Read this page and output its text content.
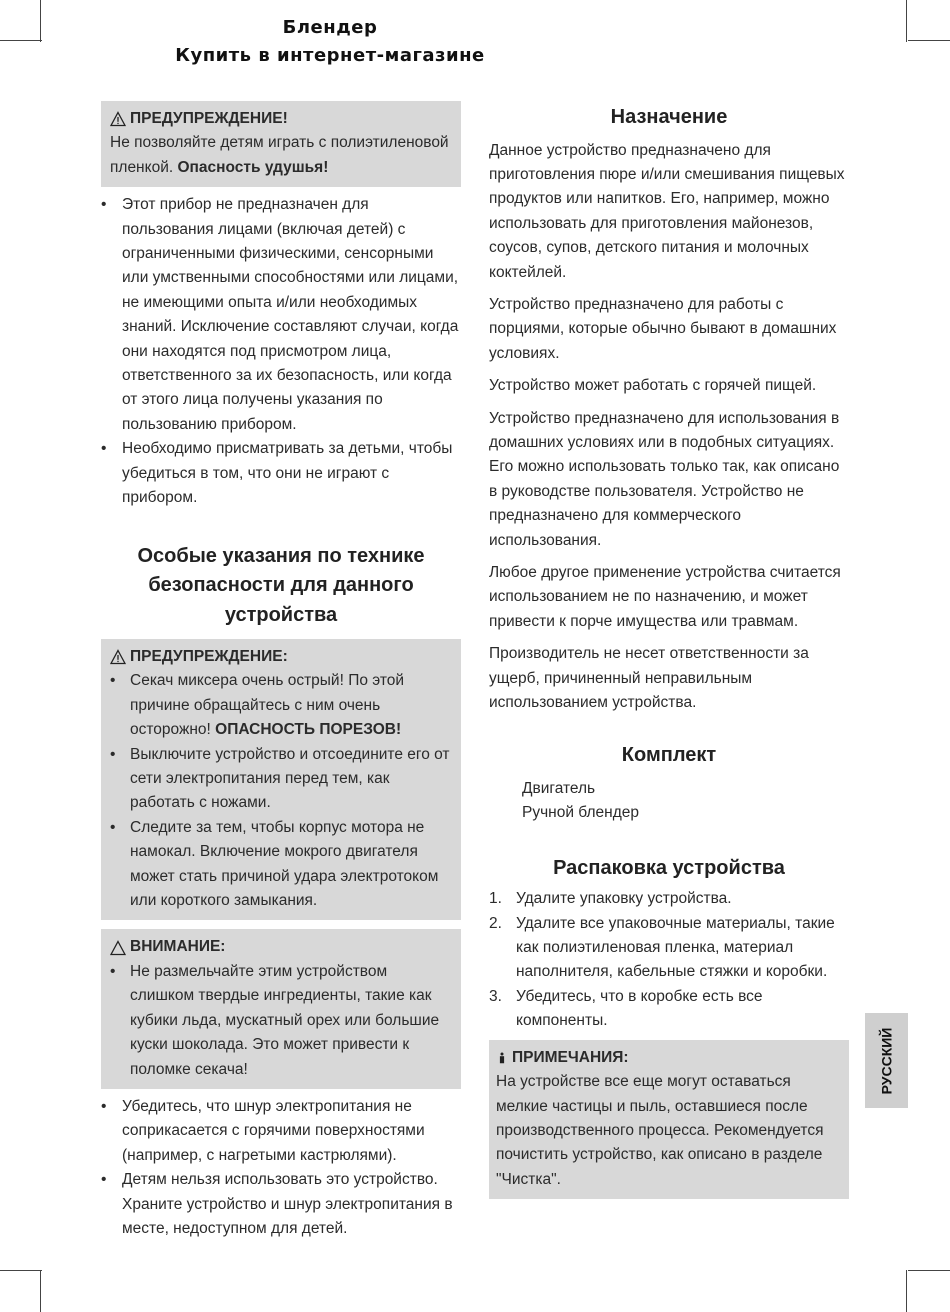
Блендер
Купить в интернет-магазине
ПРЕДУПРЕЖДЕНИЕ!
Не позволяйте детям играть с полиэтиленовой пленкой. Опасность удушья!
• Этот прибор не предназначен для пользования лицами (включая детей) с ограниченными физическими, сенсорными или умственными способностями или лицами, не имеющими опыта и/или необходимых знаний. Исключение составляют случаи, когда они находятся под присмотром лица, ответственного за их безопасность, или когда от этого лица получены указания по пользованию прибором.
• Необходимо присматривать за детьми, чтобы убедиться в том, что они не играют с прибором.
Особые указания по технике безопасности для данного устройства
ПРЕДУПРЕЖДЕНИЕ:
• Секач миксера очень острый! По этой причине обращайтесь с ним очень осторожно! ОПАСНОСТЬ ПОРЕЗОВ!
• Выключите устройство и отсоедините его от сети электропитания перед тем, как работать с ножами.
• Следите за тем, чтобы корпус мотора не намокал. Включение мокрого двигателя может стать причиной удара электротоком или короткого замыкания.
ВНИМАНИЕ:
• Не размельчайте этим устройством слишком твердые ингредиенты, такие как кубики льда, мускатный орех или большие куски шоколада. Это может привести к поломке секача!
• Убедитесь, что шнур электропитания не соприкасается с горячими поверхностями (например, с нагретыми кастрюлями).
• Детям нельзя использовать это устройство. Храните устройство и шнур электропитания в месте, недоступном для детей.
Назначение

Данное устройство предназначено для приготовления пюре и/или смешивания пищевых продуктов или напитков. Его, например, можно использовать для приготовления майонезов, соусов, супов, детского питания и молочных коктейлей.

Устройство предназначено для работы с порциями, которые обычно бывают в домашних условиях.

Устройство может работать с горячей пищей.

Устройство предназначено для использования в домашних условиях или в подобных ситуациях. Его можно использовать только так, как описано в руководстве пользователя. Устройство не предназначено для коммерческого использования.

Любое другое применение устройства считается использованием не по назначению, и может привести к порче имущества или травмам.

Производитель не несет ответственности за ущерб, причиненный неправильным использованием устройства.

Комплект
Двигатель
Ручной блендер
Распаковка устройства
1. Удалите упаковку устройства.
2. Удалите все упаковочные материалы, такие как полиэтиленовая пленка, материал наполнителя, кабельные стяжки и коробки.
3. Убедитесь, что в коробке есть все компоненты.
ПРИМЕЧАНИЯ:
На устройстве все еще могут оставаться мелкие частицы и пыль, оставшиеся после производственного процесса. Рекомендуется почистить устройство, как описано в разделе "Чистка".
РУССКИЙ
